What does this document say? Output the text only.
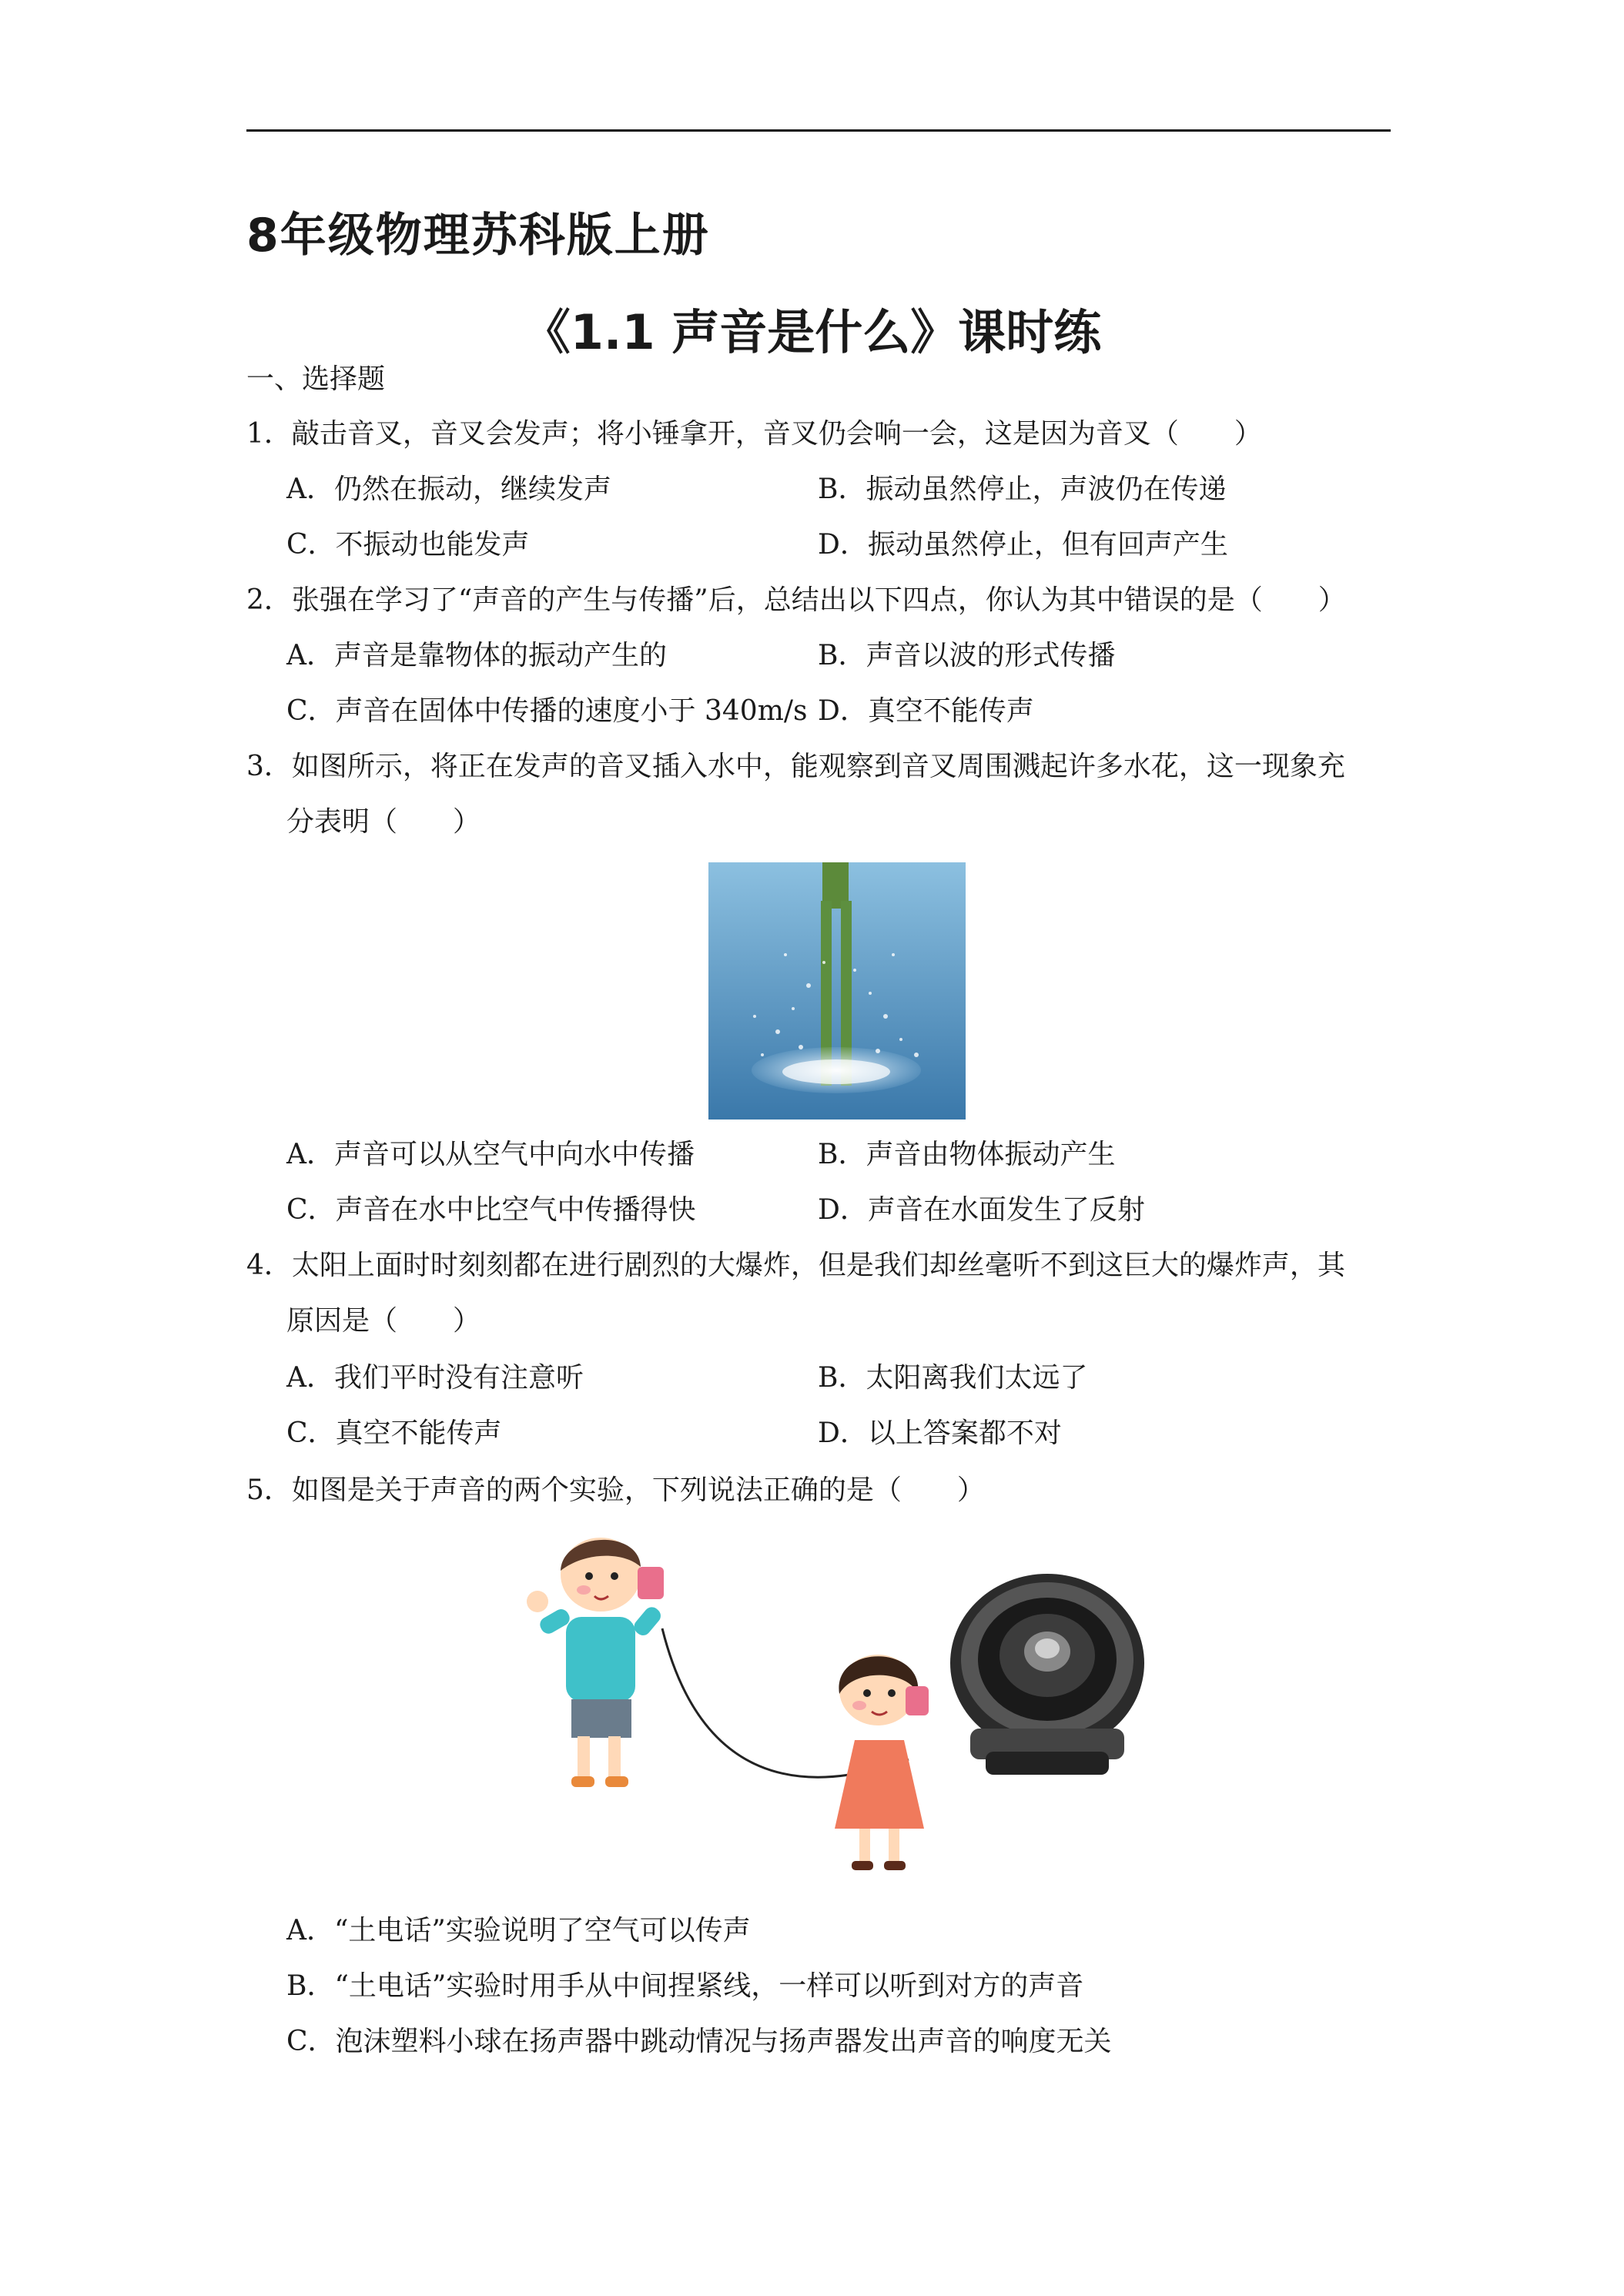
8年级物理苏科版上册
《1.1 声音是什么》课时练
一、选择题
1．敲击音叉，音叉会发声；将小锤拿开，音叉仍会响一会，这是因为音叉（　　）
A．仍然在振动，继续发声	B．振动虽然停止，声波仍在传递
C．不振动也能发声	D．振动虽然停止，但有回声产生
2．张强在学习了“声音的产生与传播”后，总结出以下四点，你认为其中错误的是（　　）
A．声音是靠物体的振动产生的	B．声音以波的形式传播
C．声音在固体中传播的速度小于 340m/s D．真空不能传声
3．如图所示，将正在发声的音叉插入水中，能观察到音叉周围溅起许多水花，这一现象充
分表明（　　）
A．声音可以从空气中向水中传播	B．声音由物体振动产生
C．声音在水中比空气中传播得快	D．声音在水面发生了反射
4．太阳上面时时刻刻都在进行剧烈的大爆炸，但是我们却丝毫听不到这巨大的爆炸声，其
原因是（　　）
A．我们平时没有注意听	B．太阳离我们太远了
C．真空不能传声	D．以上答案都不对
5．如图是关于声音的两个实验，下列说法正确的是（　　）
A．“土电话”实验说明了空气可以传声
B．“土电话”实验时用手从中间捏紧线，一样可以听到对方的声音
C．泡沫塑料小球在扬声器中跳动情况与扬声器发出声音的响度无关
